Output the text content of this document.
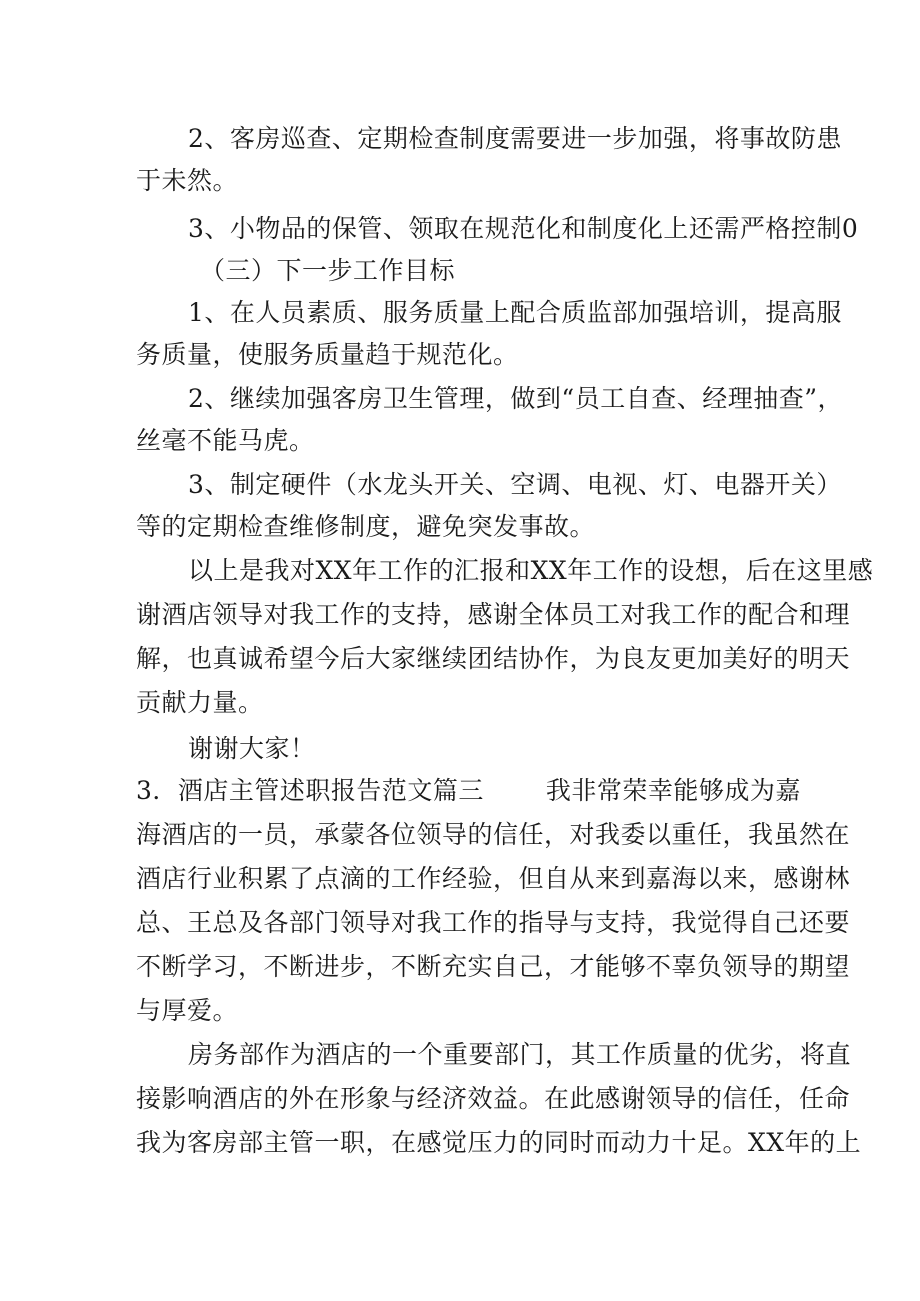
2、客房巡查、定期检查制度需要进一步加强，将事故防患
于未然。
3、小物品的保管、领取在规范化和制度化上还需严格控制0
（三）下一步工作目标
1、在人员素质、服务质量上配合质监部加强培训，提高服
务质量，使服务质量趋于规范化。
2、继续加强客房卫生管理，做到“员工自查、经理抽查”，
丝毫不能马虎。
3、制定硬件（水龙头开关、空调、电视、灯、电器开关）
等的定期检查维修制度，避免突发事故。
以上是我对XX年工作的汇报和XX年工作的设想，后在这里感
谢酒店领导对我工作的支持，感谢全体员工对我工作的配合和理
解，也真诚希望今后大家继续团结协作，为良友更加美好的明天
贡献力量。
谢谢大家！
3．酒店主管述职报告范文篇三 我非常荣幸能够成为嘉
海酒店的一员，承蒙各位领导的信任，对我委以重任，我虽然在
酒店行业积累了点滴的工作经验，但自从来到嘉海以来，感谢林
总、王总及各部门领导对我工作的指导与支持，我觉得自己还要
不断学习，不断进步，不断充实自己，才能够不辜负领导的期望
与厚爱。
房务部作为酒店的一个重要部门，其工作质量的优劣，将直
接影响酒店的外在形象与经济效益。在此感谢领导的信任，任命
我为客房部主管一职，在感觉压力的同时而动力十足。XX年的上
